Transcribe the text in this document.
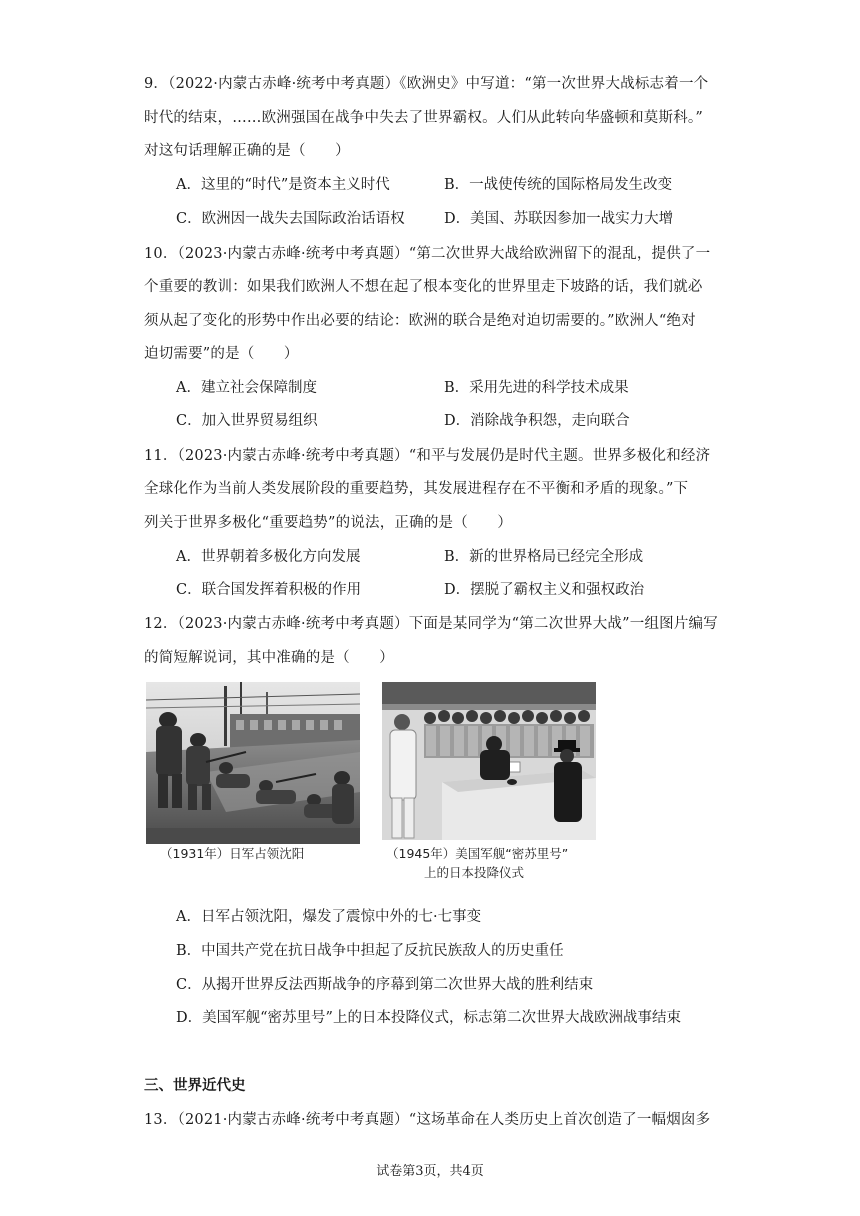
9．（2022·内蒙古赤峰·统考中考真题）《欧洲史》中写道：“第一次世界大战标志着一个
时代的结束，……欧洲强国在战争中失去了世界霸权。人们从此转向华盛顿和莫斯科。”
对这句话理解正确的是（　　）
A．这里的“时代”是资本主义时代	B．一战使传统的国际格局发生改变
C．欧洲因一战失去国际政治话语权	D．美国、苏联因参加一战实力大增
10．（2023·内蒙古赤峰·统考中考真题）“第二次世界大战给欧洲留下的混乱，提供了一
个重要的教训：如果我们欧洲人不想在起了根本变化的世界里走下坡路的话，我们就必
须从起了变化的形势中作出必要的结论：欧洲的联合是绝对迫切需要的。”欧洲人“绝对
迫切需要”的是（　　）
A．建立社会保障制度	B．采用先进的科学技术成果
C．加入世界贸易组织	D．消除战争积怨，走向联合
11．（2023·内蒙古赤峰·统考中考真题）“和平与发展仍是时代主题。世界多极化和经济
全球化作为当前人类发展阶段的重要趋势，其发展进程存在不平衡和矛盾的现象。”下
列关于世界多极化“重要趋势”的说法，正确的是（　　）
A．世界朝着多极化方向发展	B．新的世界格局已经完全形成
C．联合国发挥着积极的作用	D．摆脱了霸权主义和强权政治
12．（2023·内蒙古赤峰·统考中考真题）下面是某同学为“第二次世界大战”一组图片编写
的简短解说词，其中准确的是（　　）
（1931年）日军占领沈阳	（1945年）美国军舰“密苏里号”
上的日本投降仪式
A．日军占领沈阳，爆发了震惊中外的七·七事变
B．中国共产党在抗日战争中担起了反抗民族敌人的历史重任
C．从揭开世界反法西斯战争的序幕到第二次世界大战的胜利结束
D．美国军舰“密苏里号”上的日本投降仪式，标志第二次世界大战欧洲战事结束
三、世界近代史
13．（2021·内蒙古赤峰·统考中考真题）“这场革命在人类历史上首次创造了一幅烟囱多
试卷第3页，共4页
